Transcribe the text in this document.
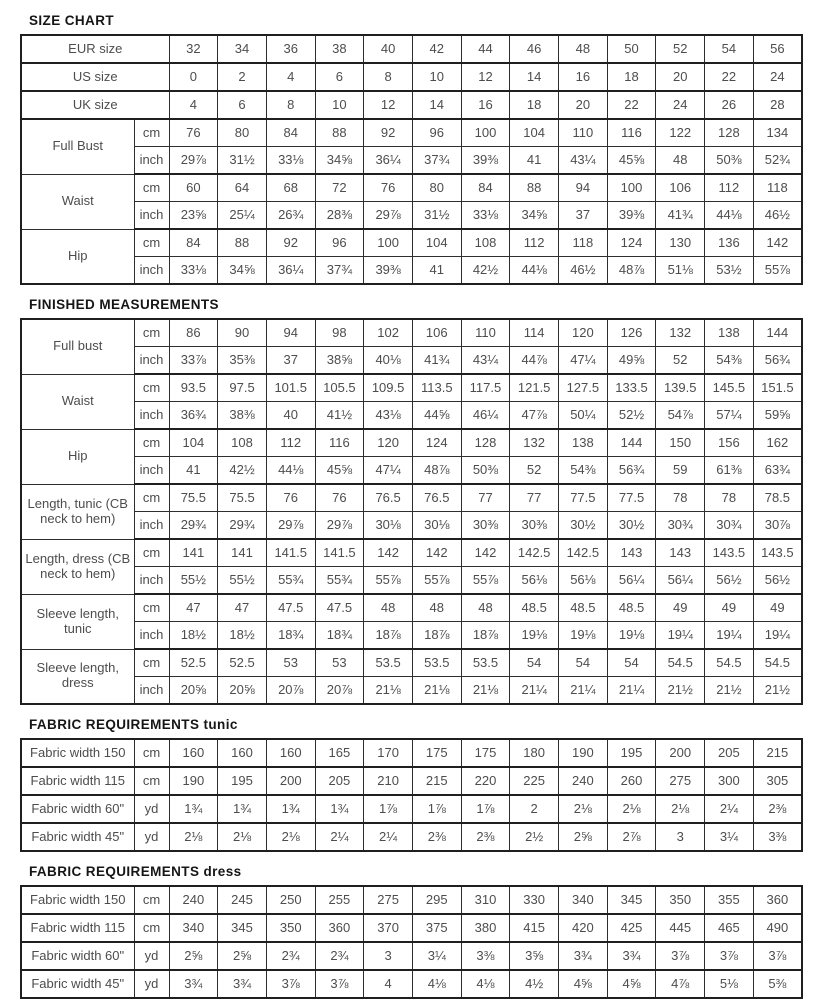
SIZE CHART
EUR size		32	34	36	38	40	42	44	46	48	50	52	54	56
US size		0	2	4	6	8	10	12	14	16	18	20	22	24
UK size		4	6	8	10	12	14	16	18	20	22	24	26	28
Full Bust	cm	76	80	84	88	92	96	100	104	110	116	122	128	134
	inch	29⅞	31½	33⅛	34⅝	36¼	37¾	39⅜	41	43¼	45⅝	48	50⅜	52¾
Waist	cm	60	64	68	72	76	80	84	88	94	100	106	112	118
	inch	23⅝	25¼	26¾	28⅜	29⅞	31½	33⅛	34⅝	37	39⅜	41¾	44⅛	46½
Hip	cm	84	88	92	96	100	104	108	112	118	124	130	136	142
	inch	33⅛	34⅝	36¼	37¾	39⅜	41	42½	44⅛	46½	48⅞	51⅛	53½	55⅞
FINISHED MEASUREMENTS
Full bust	cm	86	90	94	98	102	106	110	114	120	126	132	138	144
	inch	33⅞	35⅜	37	38⅝	40⅛	41¾	43¼	44⅞	47¼	49⅝	52	54⅜	56¾
Waist	cm	93.5	97.5	101.5	105.5	109.5	113.5	117.5	121.5	127.5	133.5	139.5	145.5	151.5
	inch	36¾	38⅜	40	41½	43⅛	44⅝	46¼	47⅞	50¼	52½	54⅞	57¼	59⅝
Hip	cm	104	108	112	116	120	124	128	132	138	144	150	156	162
	inch	41	42½	44⅛	45⅝	47¼	48⅞	50⅜	52	54⅜	56¾	59	61⅜	63¾
Length, tunic (CB neck to hem)	cm	75.5	75.5	76	76	76.5	76.5	77	77	77.5	77.5	78	78	78.5
	inch	29¾	29¾	29⅞	29⅞	30⅛	30⅛	30⅜	30⅜	30½	30½	30¾	30¾	30⅞
Length, dress (CB neck to hem)	cm	141	141	141.5	141.5	142	142	142	142.5	142.5	143	143	143.5	143.5
	inch	55½	55½	55¾	55¾	55⅞	55⅞	55⅞	56⅛	56⅛	56¼	56¼	56½	56½
Sleeve length, tunic	cm	47	47	47.5	47.5	48	48	48	48.5	48.5	48.5	49	49	49
	inch	18½	18½	18¾	18¾	18⅞	18⅞	18⅞	19⅛	19⅛	19⅛	19¼	19¼	19¼
Sleeve length, dress	cm	52.5	52.5	53	53	53.5	53.5	53.5	54	54	54	54.5	54.5	54.5
	inch	20⅝	20⅝	20⅞	20⅞	21⅛	21⅛	21⅛	21¼	21¼	21¼	21½	21½	21½
FABRIC REQUIREMENTS tunic
Fabric width 150	cm	160	160	160	165	170	175	175	180	190	195	200	205	215
Fabric width 115	cm	190	195	200	205	210	215	220	225	240	260	275	300	305
Fabric width 60"	yd	1¾	1¾	1¾	1¾	1⅞	1⅞	1⅞	2	2⅛	2⅛	2⅛	2¼	2⅜
Fabric width 45"	yd	2⅛	2⅛	2⅛	2¼	2¼	2⅜	2⅜	2½	2⅝	2⅞	3	3¼	3⅜
FABRIC REQUIREMENTS dress
Fabric width 150	cm	240	245	250	255	275	295	310	330	340	345	350	355	360
Fabric width 115	cm	340	345	350	360	370	375	380	415	420	425	445	465	490
Fabric width 60"	yd	2⅝	2⅝	2¾	2¾	3	3¼	3⅜	3⅝	3¾	3¾	3⅞	3⅞	3⅞
Fabric width 45"	yd	3¾	3¾	3⅞	3⅞	4	4⅛	4⅛	4½	4⅝	4⅝	4⅞	5⅛	5⅜
